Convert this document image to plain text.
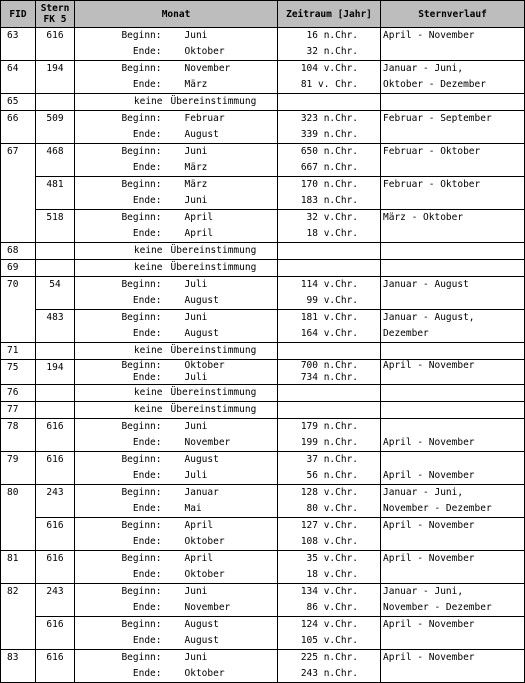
FID	Stern FK 5	Monat		Zeitraum [Jahr]	Sternverlauf
63	616	Beginn:	Juni	16 n.Chr.	April - November
		Ende:	Oktober	32 n.Chr.	
64	194	Beginn:	November	104 v.Chr.	Januar - Juni,
		Ende:	März	81 v. Chr.	Oktober - Dezember
65		keine	Übereinstimmung		
66	509	Beginn:	Februar	323 n.Chr.	Februar - September
		Ende:	August	339 n.Chr.	
67	468	Beginn:	Juni	650 n.Chr.	Februar - Oktober
		Ende:	März	667 n.Chr.	
	481	Beginn:	März	170 n.Chr.	Februar - Oktober
		Ende:	Juni	183 n.Chr.	
	518	Beginn:	April	32 v.Chr.	März - Oktober
		Ende:	April	18 v.Chr.	
68		keine	Übereinstimmung		
69		keine	Übereinstimmung		
70	54	Beginn:	Juli	114 v.Chr.	Januar - August
		Ende:	August	99 v.Chr.	
	483	Beginn:	Juni	181 v.Chr.	Januar - August,
		Ende:	August	164 v.Chr.	Dezember
71		keine	Übereinstimmung		
75	194	Beginn:	Oktober	700 n.Chr.	April - November
		Ende:	Juli	734 n.Chr.	
76		keine	Übereinstimmung		
77		keine	Übereinstimmung		
78	616	Beginn:	Juni	179 n.Chr.	
		Ende:	November	199 n.Chr.	April - November
79	616	Beginn:	August	37 n.Chr.	
		Ende:	Juli	56 n.Chr.	April - November
80	243	Beginn:	Januar	128 v.Chr.	Januar - Juni,
		Ende:	Mai	80 v.Chr.	November - Dezember
	616	Beginn:	April	127 v.Chr.	April - November
		Ende:	Oktober	108 v.Chr.	
81	616	Beginn:	April	35 v.Chr.	April - November
		Ende:	Oktober	18 v.Chr.	
82	243	Beginn:	Juni	134 v.Chr.	Januar - Juni,
		Ende:	November	86 v.Chr.	November - Dezember
	616	Beginn:	August	124 v.Chr.	April - November
		Ende:	August	105 v.Chr.	
83	616	Beginn:	Juni	225 n.Chr.	April - November
		Ende:	Oktober	243 n.Chr.	
